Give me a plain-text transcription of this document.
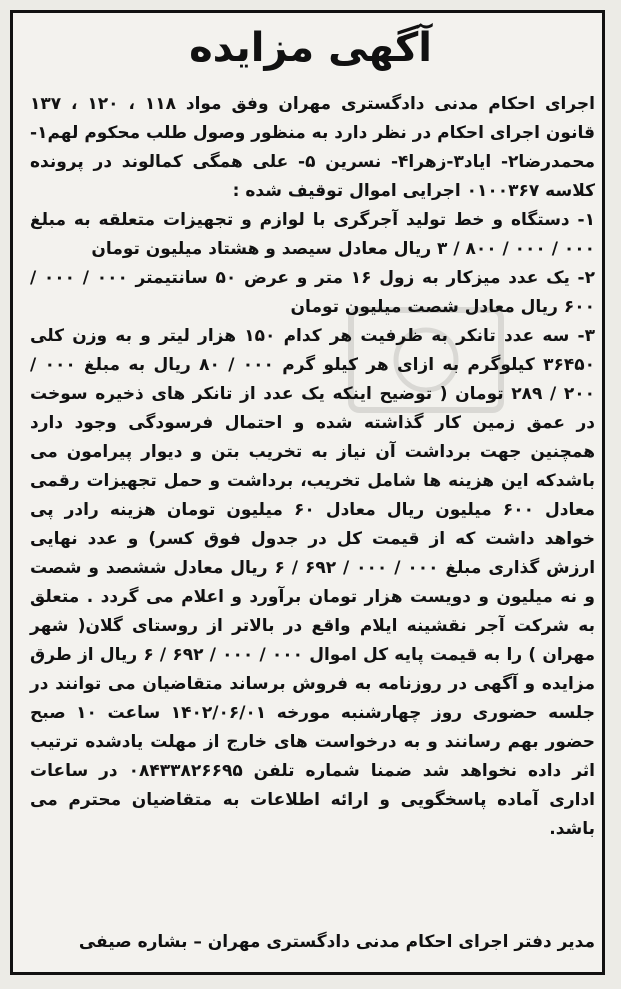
آگهی مزایده

اجرای احکام مدنی دادگستری مهران وفق مواد ۱۱۸ ، ۱۲۰ ، ۱۳۷ قانون اجرای احکام در نظر دارد به منظور وصول طلب محکوم لهم۱- محمدرضا۲- ایاد۳-زهرا۴- نسرین ۵- علی همگی کمالوند در پرونده کلاسه ۰۱۰۰۳۶۷ اجرایی اموال توقیف شده :

۱- دستگاه و خط تولید آجرگری با لوازم و تجهیزات متعلقه به مبلغ ۰۰۰ / ۰۰۰ / ۸۰۰ / ۳ ریال معادل سیصد و هشتاد میلیون تومان

۲- یک عدد میزکار به زول ۱۶ متر و عرض ۵۰ سانتیمتر ۰۰۰ / ۰۰۰ / ۶۰۰ ریال معادل شصت میلیون تومان

۳- سه عدد تانکر به ظرفیت هر کدام ۱۵۰ هزار لیتر و به وزن کلی ۳۶۴۵۰ کیلوگرم به ازای هر کیلو گرم ۰۰۰ / ۸۰ ریال به مبلغ ۰۰۰ / ۲۰۰ / ۲۸۹ تومان ( توضیح اینکه یک عدد از تانکر های ذخیره سوخت در عمق زمین کار گذاشته شده و احتمال فرسودگی وجود دارد همچنین جهت برداشت آن نیاز به تخریب بتن و دیوار پیرامون می باشدکه این هزینه ها شامل تخریب، برداشت و حمل تجهیزات رقمی معادل ۶۰۰ میلیون ریال معادل ۶۰ میلیون تومان هزینه رادر پی خواهد داشت که از قیمت کل در جدول فوق کسر) و عدد نهایی ارزش گذاری مبلغ ۰۰۰ / ۰۰۰ / ۶۹۲ / ۶ ریال معادل ششصد و شصت و نه میلیون و دویست هزار تومان برآورد و اعلام می گردد . متعلق به شرکت آجر نقشینه ایلام واقع در بالاتر از روستای گلان( شهر مهران ) را به قیمت پایه کل اموال ۰۰۰ / ۰۰۰ / ۶۹۲ / ۶ ریال از طرق مزایده و آگهی در روزنامه به فروش برساند متقاضیان می توانند در جلسه حضوری روز چهارشنبه مورخه ۱۴۰۲/۰۶/۰۱ ساعت ۱۰ صبح حضور بهم رسانند و به درخواست های خارج از مهلت یادشده ترتیب اثر داده نخواهد شد ضمنا شماره تلفن ۰۸۴۳۳۸۲۶۶۹۵ در ساعات اداری آماده پاسخگویی و ارائه اطلاعات به متقاضیان محترم می باشد.

مدیر دفتر اجرای احکام مدنی دادگستری مهران – بشاره صیفی
